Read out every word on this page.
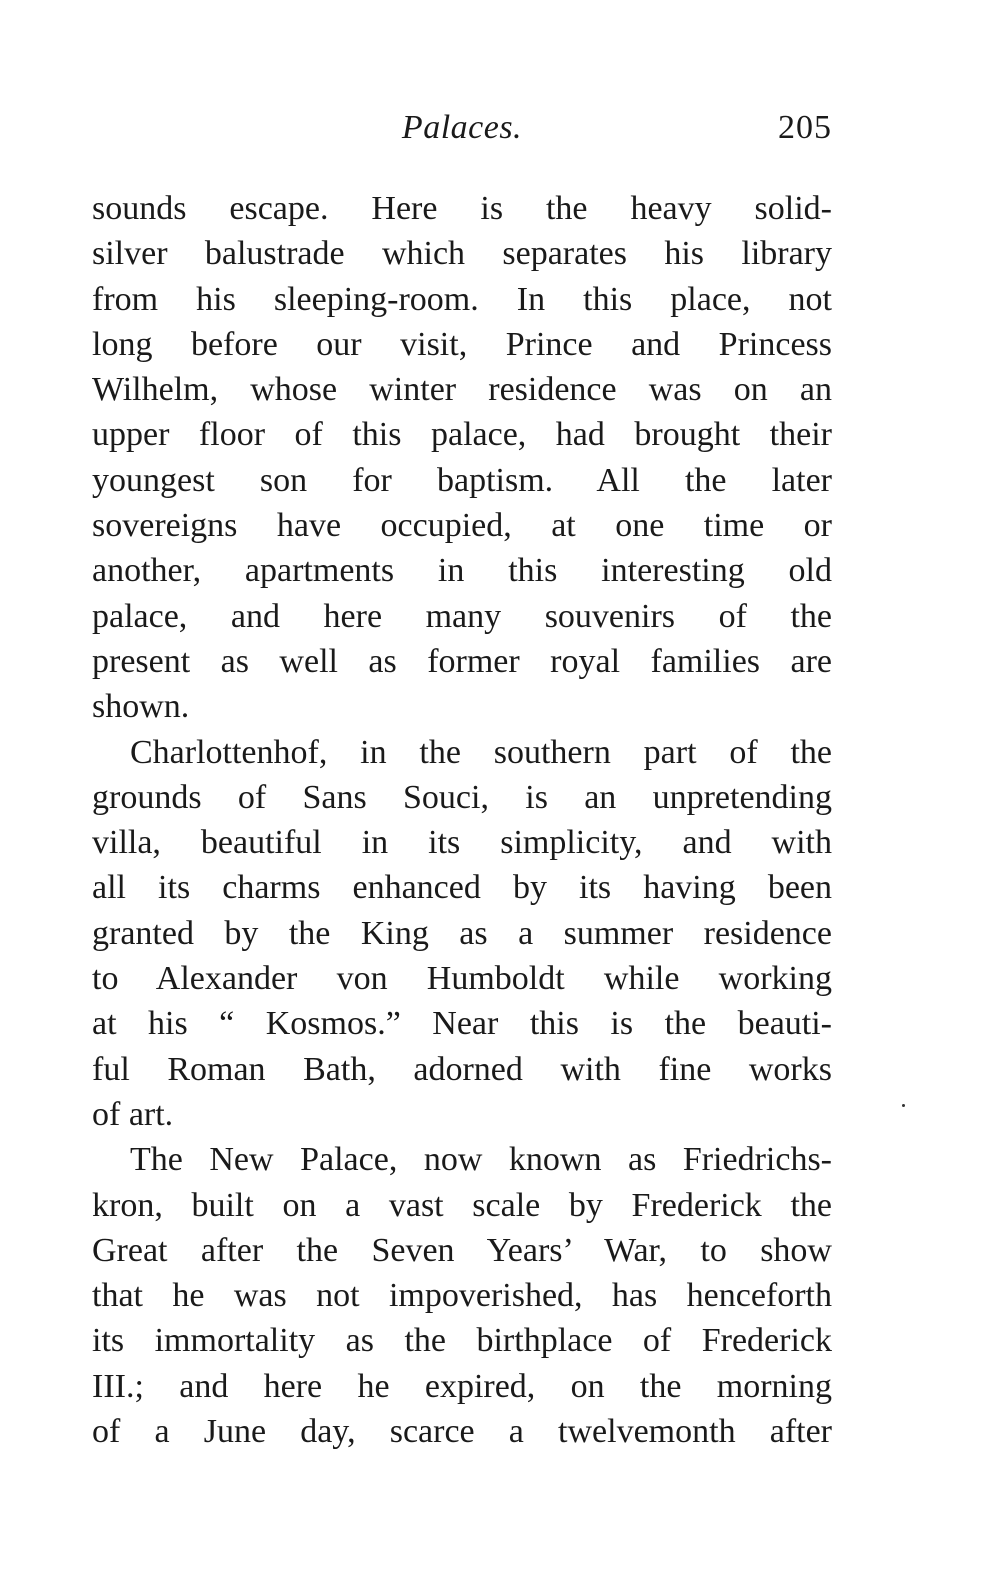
Palaces.	205
sounds escape. Here is the heavy solid-
silver balustrade which separates his library
from his sleeping-room. In this place, not
long before our visit, Prince and Princess
Wilhelm, whose winter residence was on an
upper floor of this palace, had brought their
youngest son for baptism. All the later
sovereigns have occupied, at one time or
another, apartments in this interesting old
palace, and here many souvenirs of the
present as well as former royal families are
shown.
Charlottenhof, in the southern part of the
grounds of Sans Souci, is an unpretending
villa, beautiful in its simplicity, and with
all its charms enhanced by its having been
granted by the King as a summer residence
to Alexander von Humboldt while working
at his “ Kosmos.” Near this is the beauti-
ful Roman Bath, adorned with fine works
of art.
The New Palace, now known as Friedrichs-
kron, built on a vast scale by Frederick the
Great after the Seven Years’ War, to show
that he was not impoverished, has henceforth
its immortality as the birthplace of Frederick
III.; and here he expired, on the morning
of a June day, scarce a twelvemonth after
